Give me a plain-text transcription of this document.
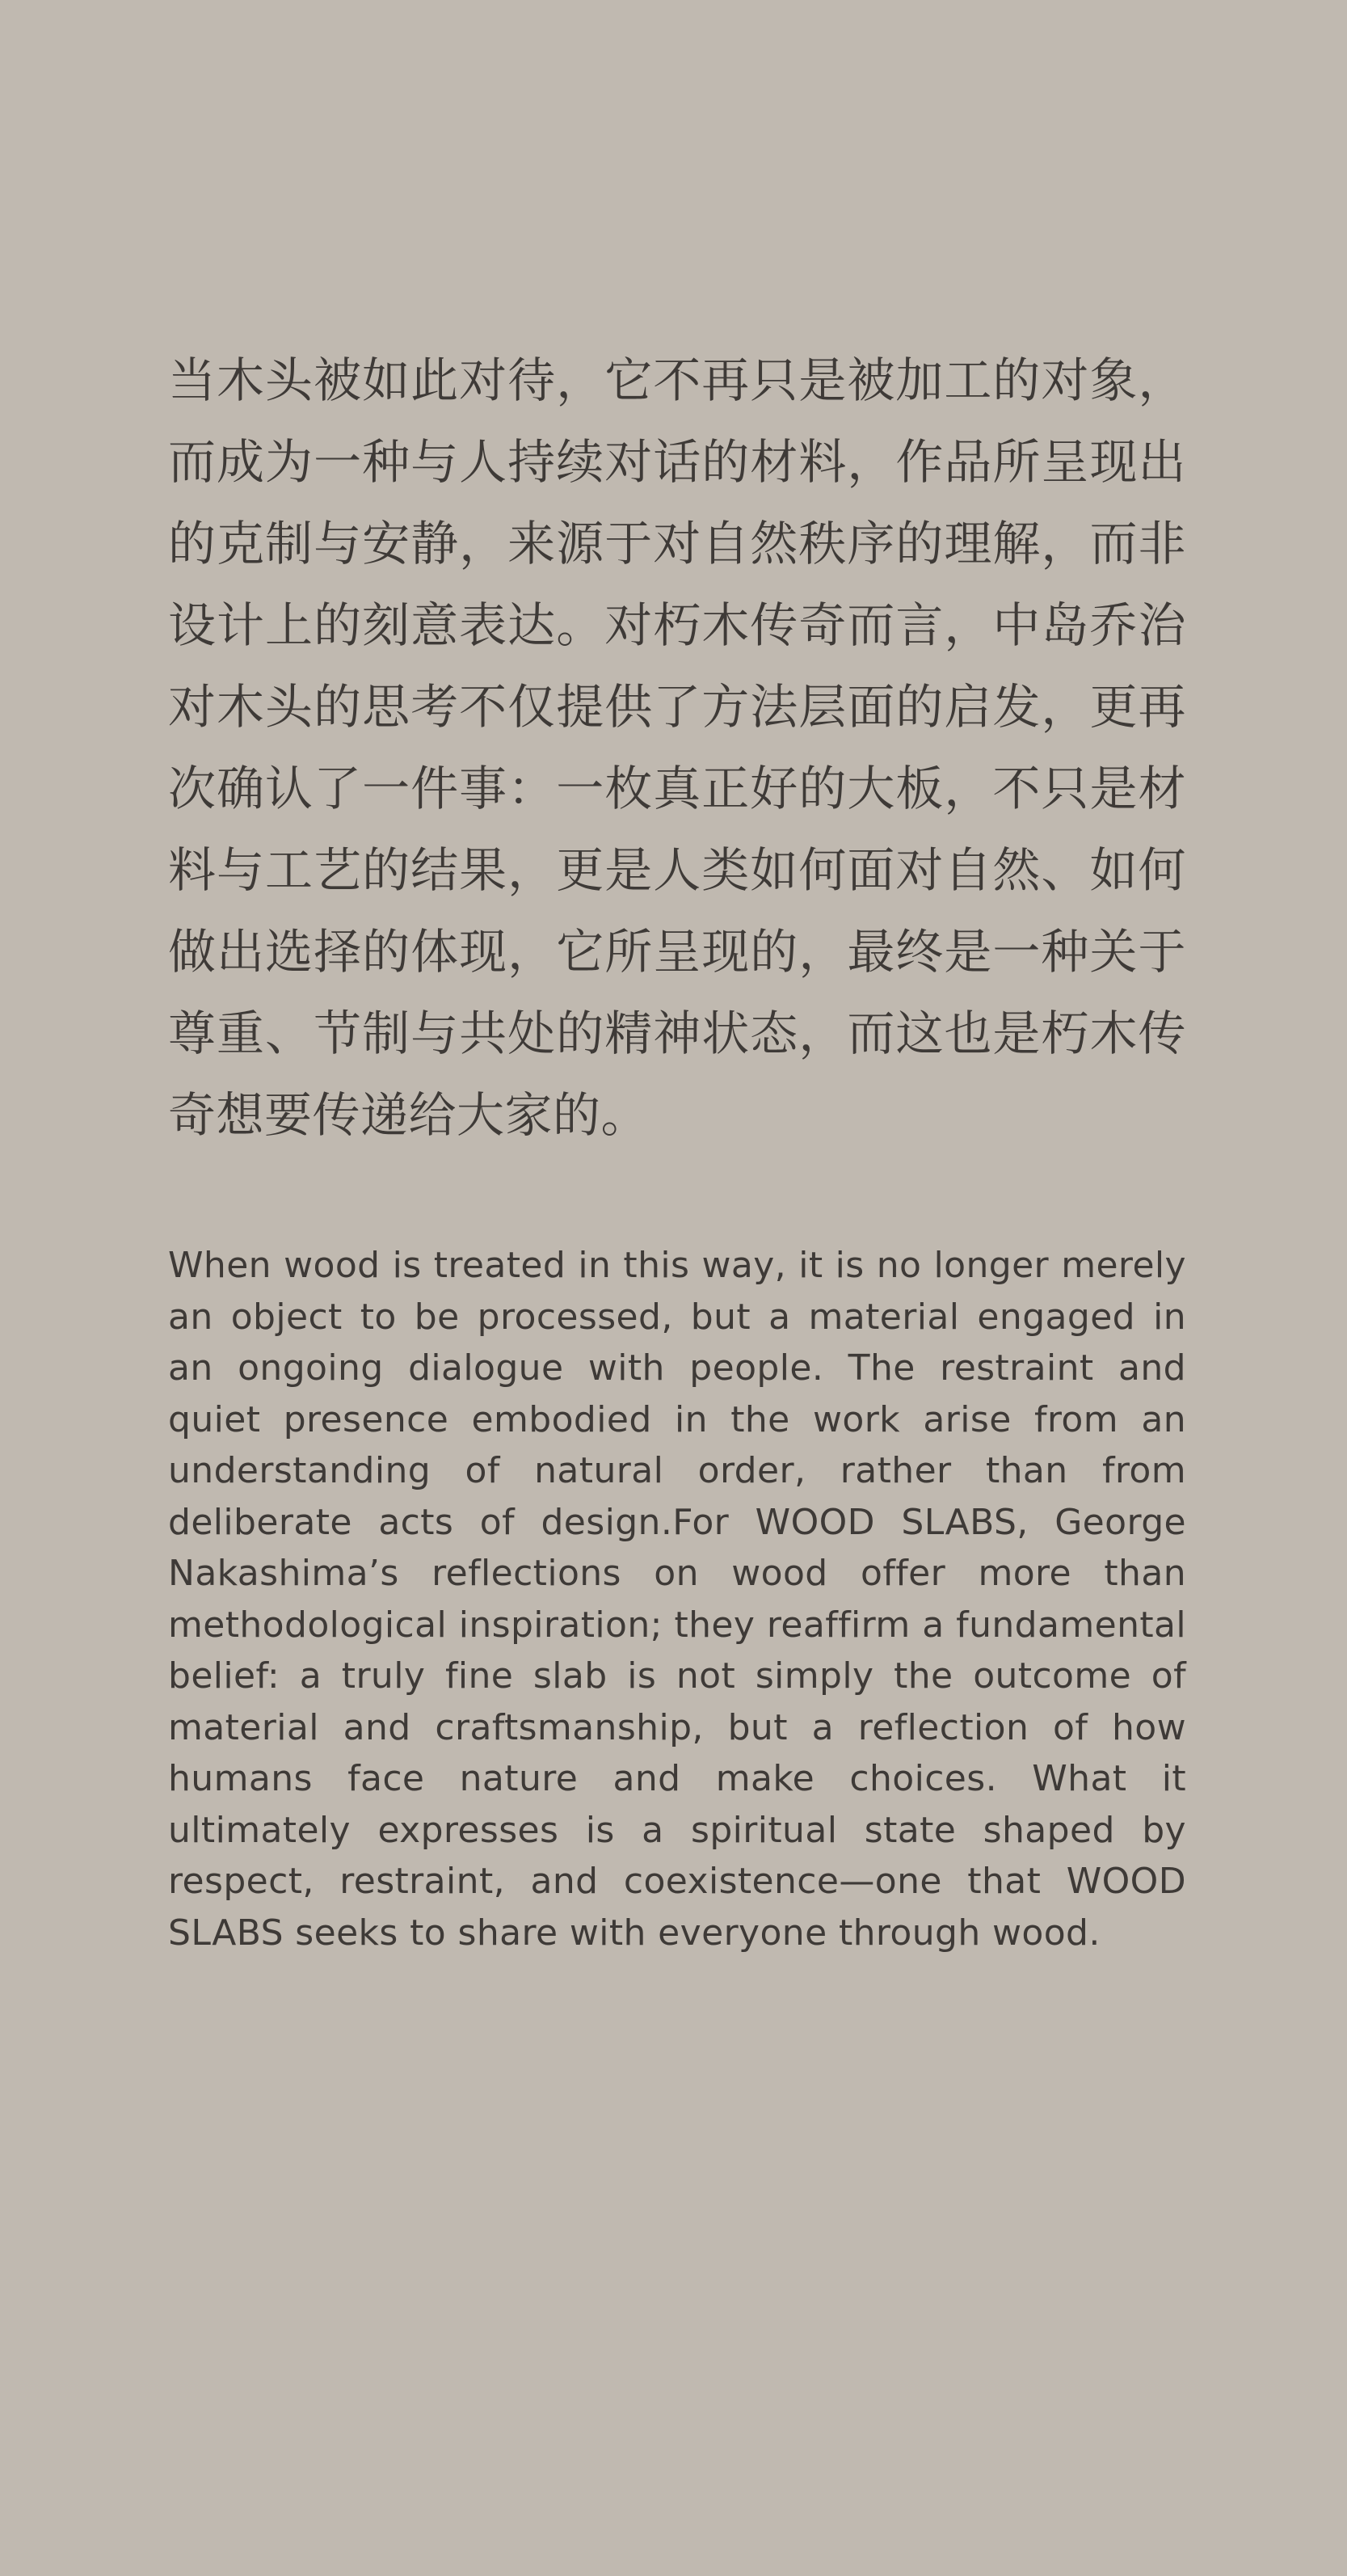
当木头被如此对待，它不再只是被加工的对象，而成为一种与人持续对话的材料，作品所呈现出的克制与安静，来源于对自然秩序的理解，而非设计上的刻意表达。对朽木传奇而言，中岛乔治对木头的思考不仅提供了方法层面的启发，更再次确认了一件事：一枚真正好的大板，不只是材料与工艺的结果，更是人类如何面对自然、如何做出选择的体现，它所呈现的，最终是一种关于尊重、节制与共处的精神状态，而这也是朽木传奇想要传递给大家的。

When wood is treated in this way, it is no longer merely an object to be processed, but a material engaged in an ongoing dialogue with people. The restraint and quiet presence embodied in the work arise from an understanding of natural order, rather than from deliberate acts of design.For WOOD SLABS, George Nakashima’s reflections on wood offer more than methodological inspiration; they reaffirm a fundamental belief: a truly fine slab is not simply the outcome of material and craftsmanship, but a reflection of how humans face nature and make choices. What it ultimately expresses is a spiritual state shaped by respect, restraint, and coexistence—one that WOOD SLABS seeks to share with everyone through wood.
